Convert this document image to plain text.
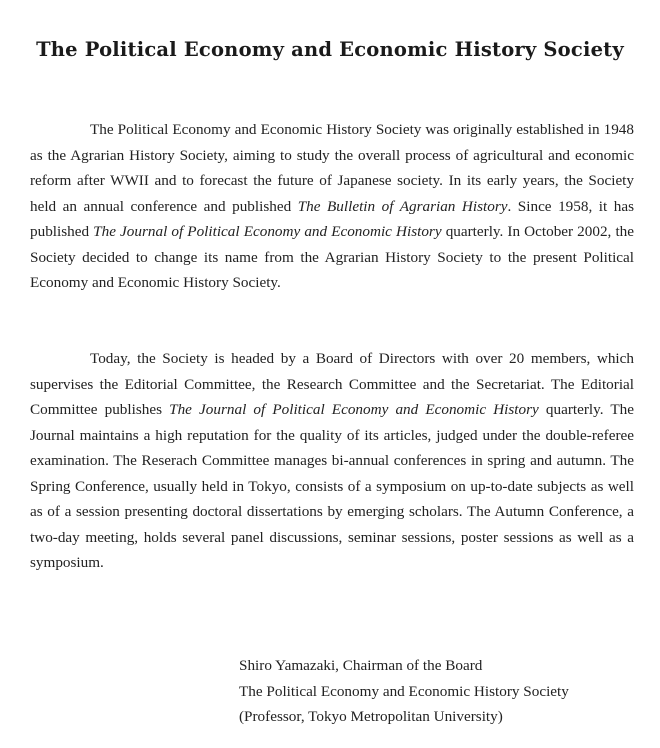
The Political Economy and Economic History Society

The Political Economy and Economic History Society was originally established in 1948 as the Agrarian History Society, aiming to study the overall process of agricultural and economic reform after WWII and to forecast the future of Japanese society. In its early years, the Society held an annual conference and published The Bulletin of Agrarian History. Since 1958, it has published The Journal of Political Economy and Economic History quarterly. In October 2002, the Society decided to change its name from the Agrarian History Society to the present Political Economy and Economic History Society.

Today, the Society is headed by a Board of Directors with over 20 members, which supervises the Editorial Committee, the Research Committee and the Secretariat. The Editorial Committee publishes The Journal of Political Economy and Economic History quarterly. The Journal maintains a high reputation for the quality of its articles, judged under the double-referee examination. The Reserach Committee manages bi-annual conferences in spring and autumn. The Spring Conference, usually held in Tokyo, consists of a symposium on up-to-date subjects as well as of a session presenting doctoral dissertations by emerging scholars. The Autumn Conference, a two-day meeting, holds several panel discussions, seminar sessions, poster sessions as well as a symposium.

Shiro Yamazaki, Chairman of the Board
The Political Economy and Economic History Society
(Professor, Tokyo Metropolitan University)
